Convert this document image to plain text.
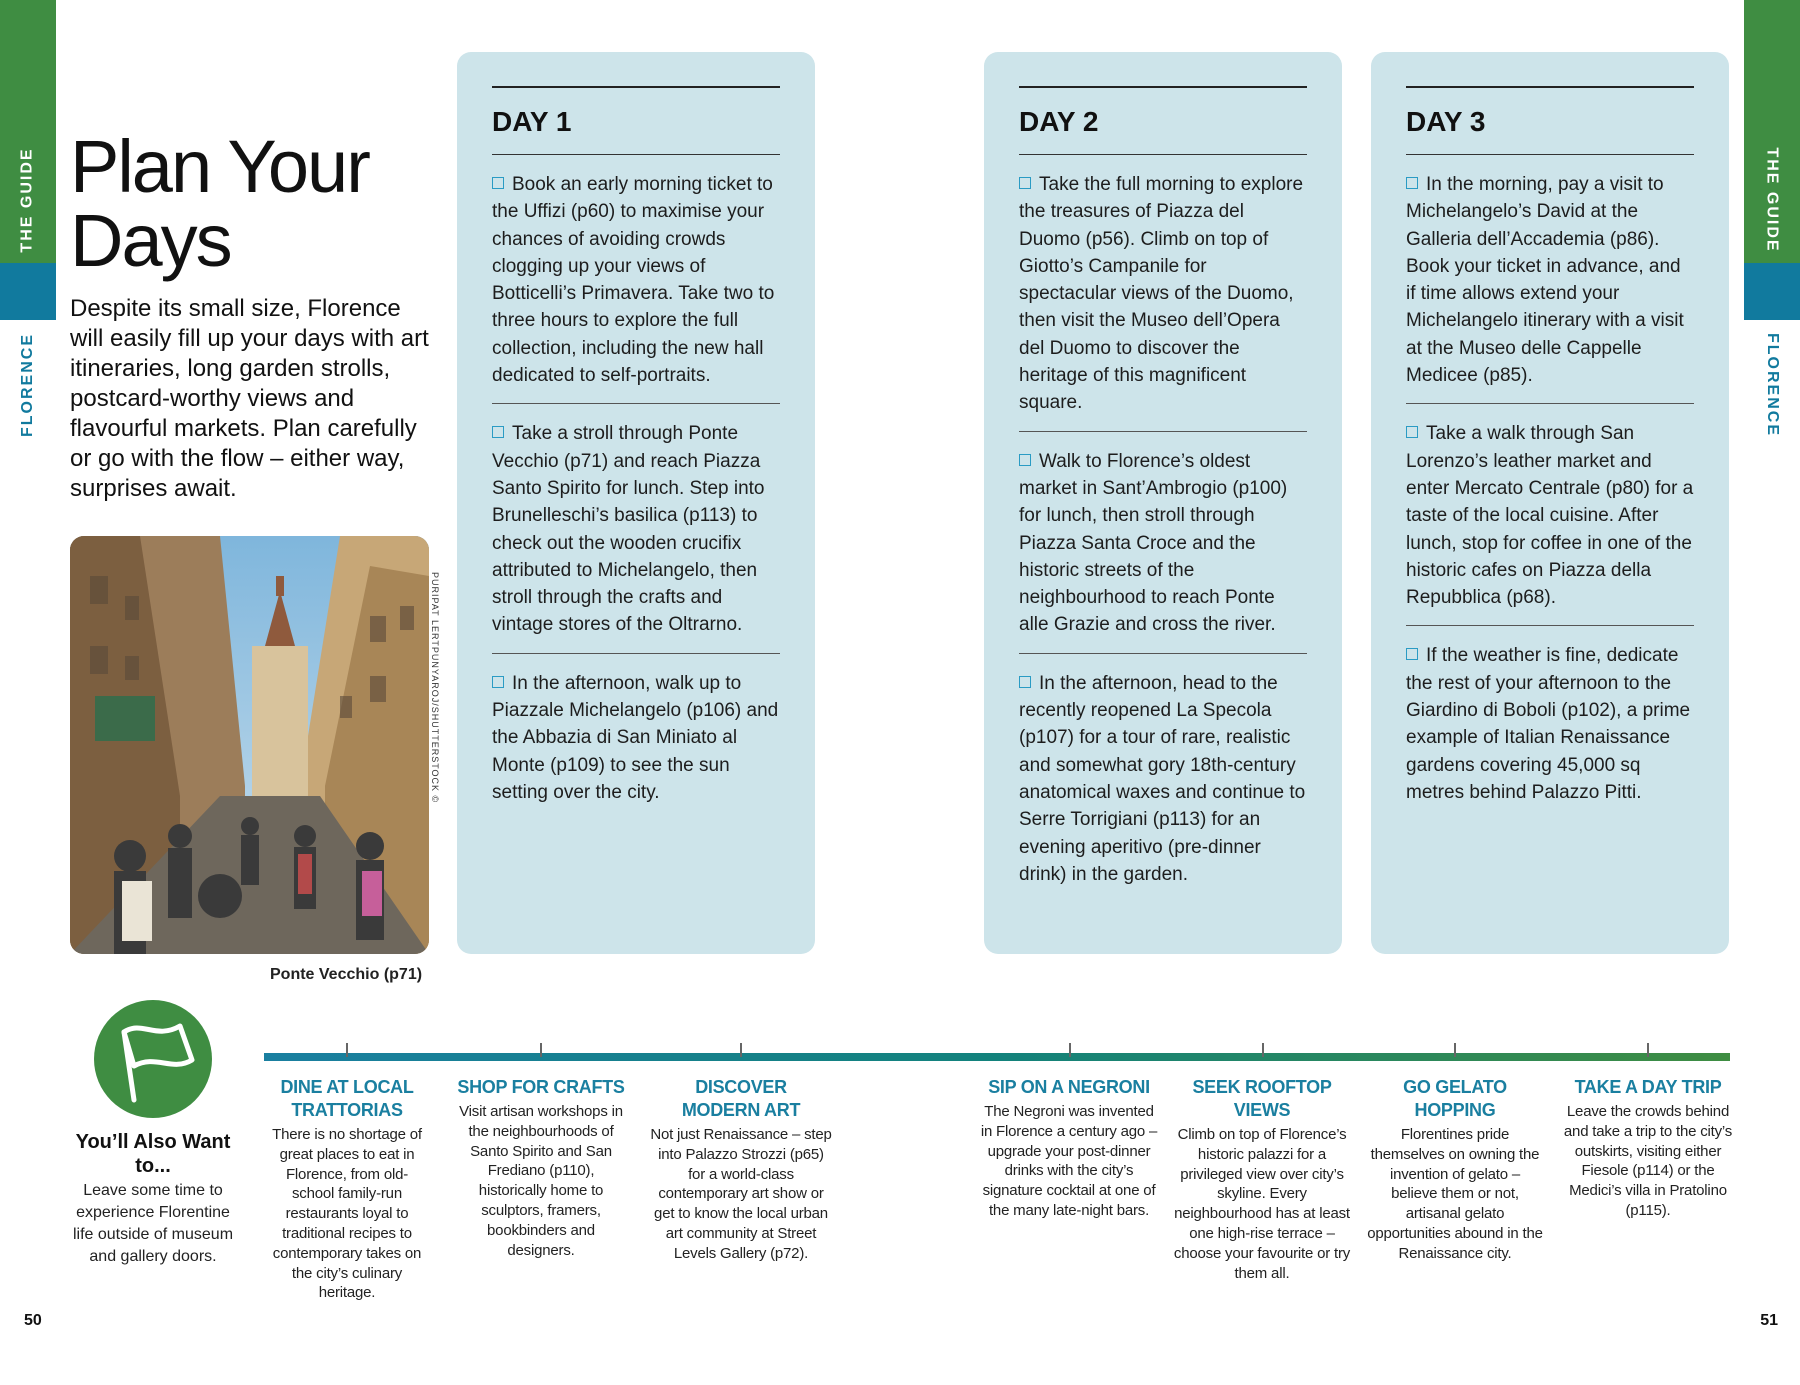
THE GUIDE
FLORENCE
THE GUIDE
FLORENCE
Plan Your
Days

Despite its small size, Florence will easily fill up your days with art itineraries, long garden strolls, postcard-worthy views and flavourful markets. Plan carefully or go with the flow – either way, surprises await.

PURIPAT LERTPUNYAROJ/SHUTTERSTOCK ©
Ponte Vecchio (p71)
DAY 1

Book an early morning ticket to the Uffizi (p60) to maximise your chances of avoiding crowds clogging up your views of Botticelli’s Primavera. Take two to three hours to explore the full collection, including the new hall dedicated to self-portraits.

Take a stroll through Ponte Vecchio (p71) and reach Piazza Santo Spirito for lunch. Step into Brunelleschi’s basilica (p113) to check out the wooden crucifix attributed to Michelangelo, then stroll through the crafts and vintage stores of the Oltrarno.

In the afternoon, walk up to Piazzale Michelangelo (p106) and the Abbazia di San Miniato al Monte (p109) to see the sun setting over the city.

DAY 2

Take the full morning to explore the treasures of Piazza del Duomo (p56). Climb on top of Giotto’s Campanile for spectacular views of the Duomo, then visit the Museo dell’Opera del Duomo to discover the heritage of this magnificent square.

Walk to Florence’s oldest market in Sant’Ambrogio (p100) for lunch, then stroll through Piazza Santa Croce and the historic streets of the neighbourhood to reach Ponte alle Grazie and cross the river.

In the afternoon, head to the recently reopened La Specola (p107) for a tour of rare, realistic and somewhat gory 18th-century anatomical waxes and continue to Serre Torrigiani (p113) for an evening aperitivo (pre-dinner drink) in the garden.

DAY 3

In the morning, pay a visit to Michelangelo’s David at the Galleria dell’Accademia (p86). Book your ticket in advance, and if time allows extend your Michelangelo itinerary with a visit at the Museo delle Cappelle Medicee (p85).

Take a walk through San Lorenzo’s leather market and enter Mercato Centrale (p80) for a taste of the local cuisine. After lunch, stop for coffee in one of the historic cafes on Piazza della Repubblica (p68).

If the weather is fine, dedicate the rest of your afternoon to the Giardino di Boboli (p102), a prime example of Italian Renaissance gardens covering 45,000 sq metres behind Palazzo Pitti.

You’ll Also Want to...
Leave some time to experience Florentine life outside of museum and gallery doors.
DINE AT LOCAL TRATTORIAS
There is no shortage of great places to eat in Florence, from old-school family-run restaurants loyal to traditional recipes to contemporary takes on the city’s culinary heritage.
SHOP FOR CRAFTS
Visit artisan workshops in the neighbourhoods of Santo Spirito and San Frediano (p110), historically home to sculptors, framers, bookbinders and designers.
DISCOVER MODERN ART
Not just Renaissance – step into Palazzo Strozzi (p65) for a world-class contemporary art show or get to know the local urban art community at Street Levels Gallery (p72).
SIP ON A NEGRONI
The Negroni was invented in Florence a century ago – upgrade your post-dinner drinks with the city’s signature cocktail at one of the many late-night bars.
SEEK ROOFTOP VIEWS
Climb on top of Florence’s historic palazzi for a privileged view over city’s skyline. Every neighbourhood has at least one high-rise terrace – choose your favourite or try them all.
GO GELATO HOPPING
Florentines pride themselves on owning the invention of gelato – believe them or not, artisanal gelato opportunities abound in the Renaissance city.
TAKE A DAY TRIP
Leave the crowds behind and take a trip to the city’s outskirts, visiting either Fiesole (p114) or the Medici’s villa in Pratolino (p115).
50	51
